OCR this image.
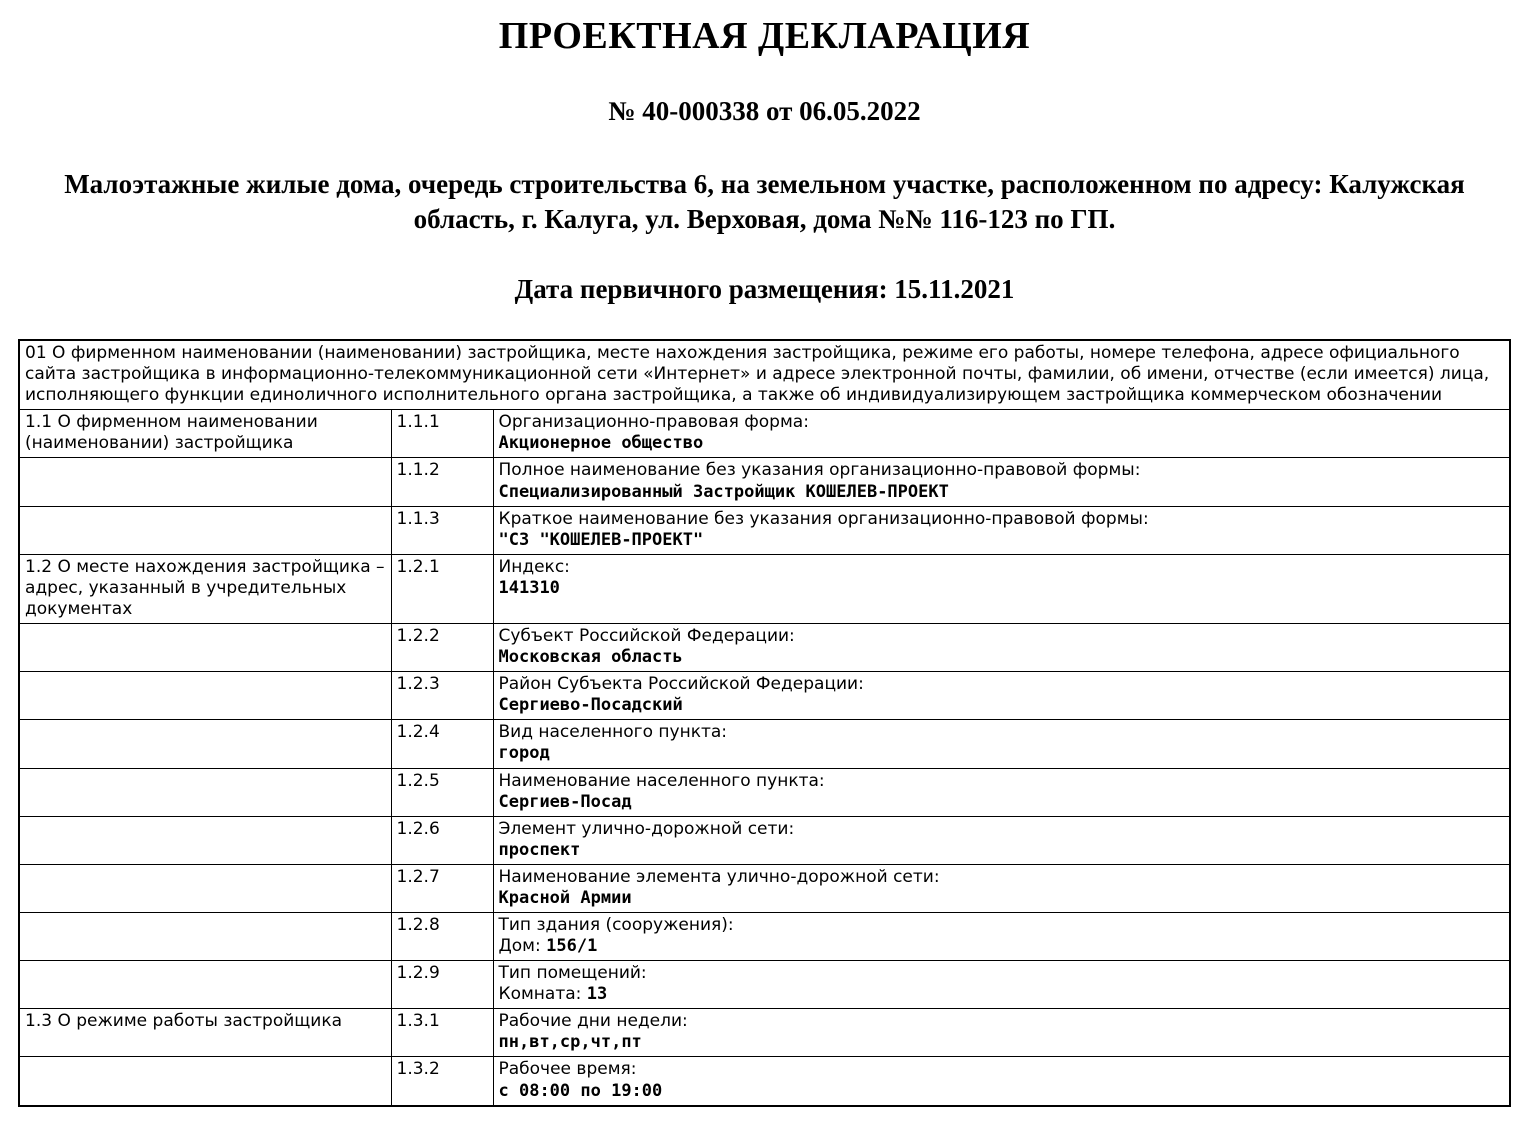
ПРОЕКТНАЯ ДЕКЛАРАЦИЯ
№ 40-000338 от 06.05.2022
Малоэтажные жилые дома, очередь строительства 6, на земельном участке, расположенном по адресу: Калужская область, г. Калуга, ул. Верховая, дома №№ 116-123 по ГП.
Дата первичного размещения: 15.11.2021
01 О фирменном наименовании (наименовании) застройщика, месте нахождения застройщика, режиме его работы, номере телефона, адресе официального сайта застройщика в информационно-телекоммуникационной сети «Интернет» и адресе электронной почты, фамилии, об имени, отчестве (если имеется) лица, исполняющего функции единоличного исполнительного органа застройщика, а также об индивидуализирующем застройщика коммерческом обозначении		
1.1 О фирменном наименовании (наименовании) застройщика	1.1.1	Организационно-правовая форма:
Акционерное общество

	1.1.2	Полное наименование без указания организационно-правовой формы:
Специализированный Застройщик КОШЕЛЕВ-ПРОЕКТ

	1.1.3	Краткое наименование без указания организационно-правовой формы:
"СЗ "КОШЕЛЕВ-ПРОЕКТ"

1.2 О месте нахождения застройщика – адрес, указанный в учредительных документах	1.2.1	Индекс:
141310

	1.2.2	Субъект Российской Федерации:
Московская область

	1.2.3	Район Субъекта Российской Федерации:
Сергиево-Посадский

	1.2.4	Вид населенного пункта:
город

	1.2.5	Наименование населенного пункта:
Сергиев-Посад

	1.2.6	Элемент улично-дорожной сети:
проспект

	1.2.7	Наименование элемента улично-дорожной сети:
Красной Армии

	1.2.8	Тип здания (сооружения):
Дом: 156/1

	1.2.9	Тип помещений:
Комната: 13

1.3 О режиме работы застройщика	1.3.1	Рабочие дни недели:
пн,вт,ср,чт,пт

	1.3.2	Рабочее время:
с 08:00 по 19:00
